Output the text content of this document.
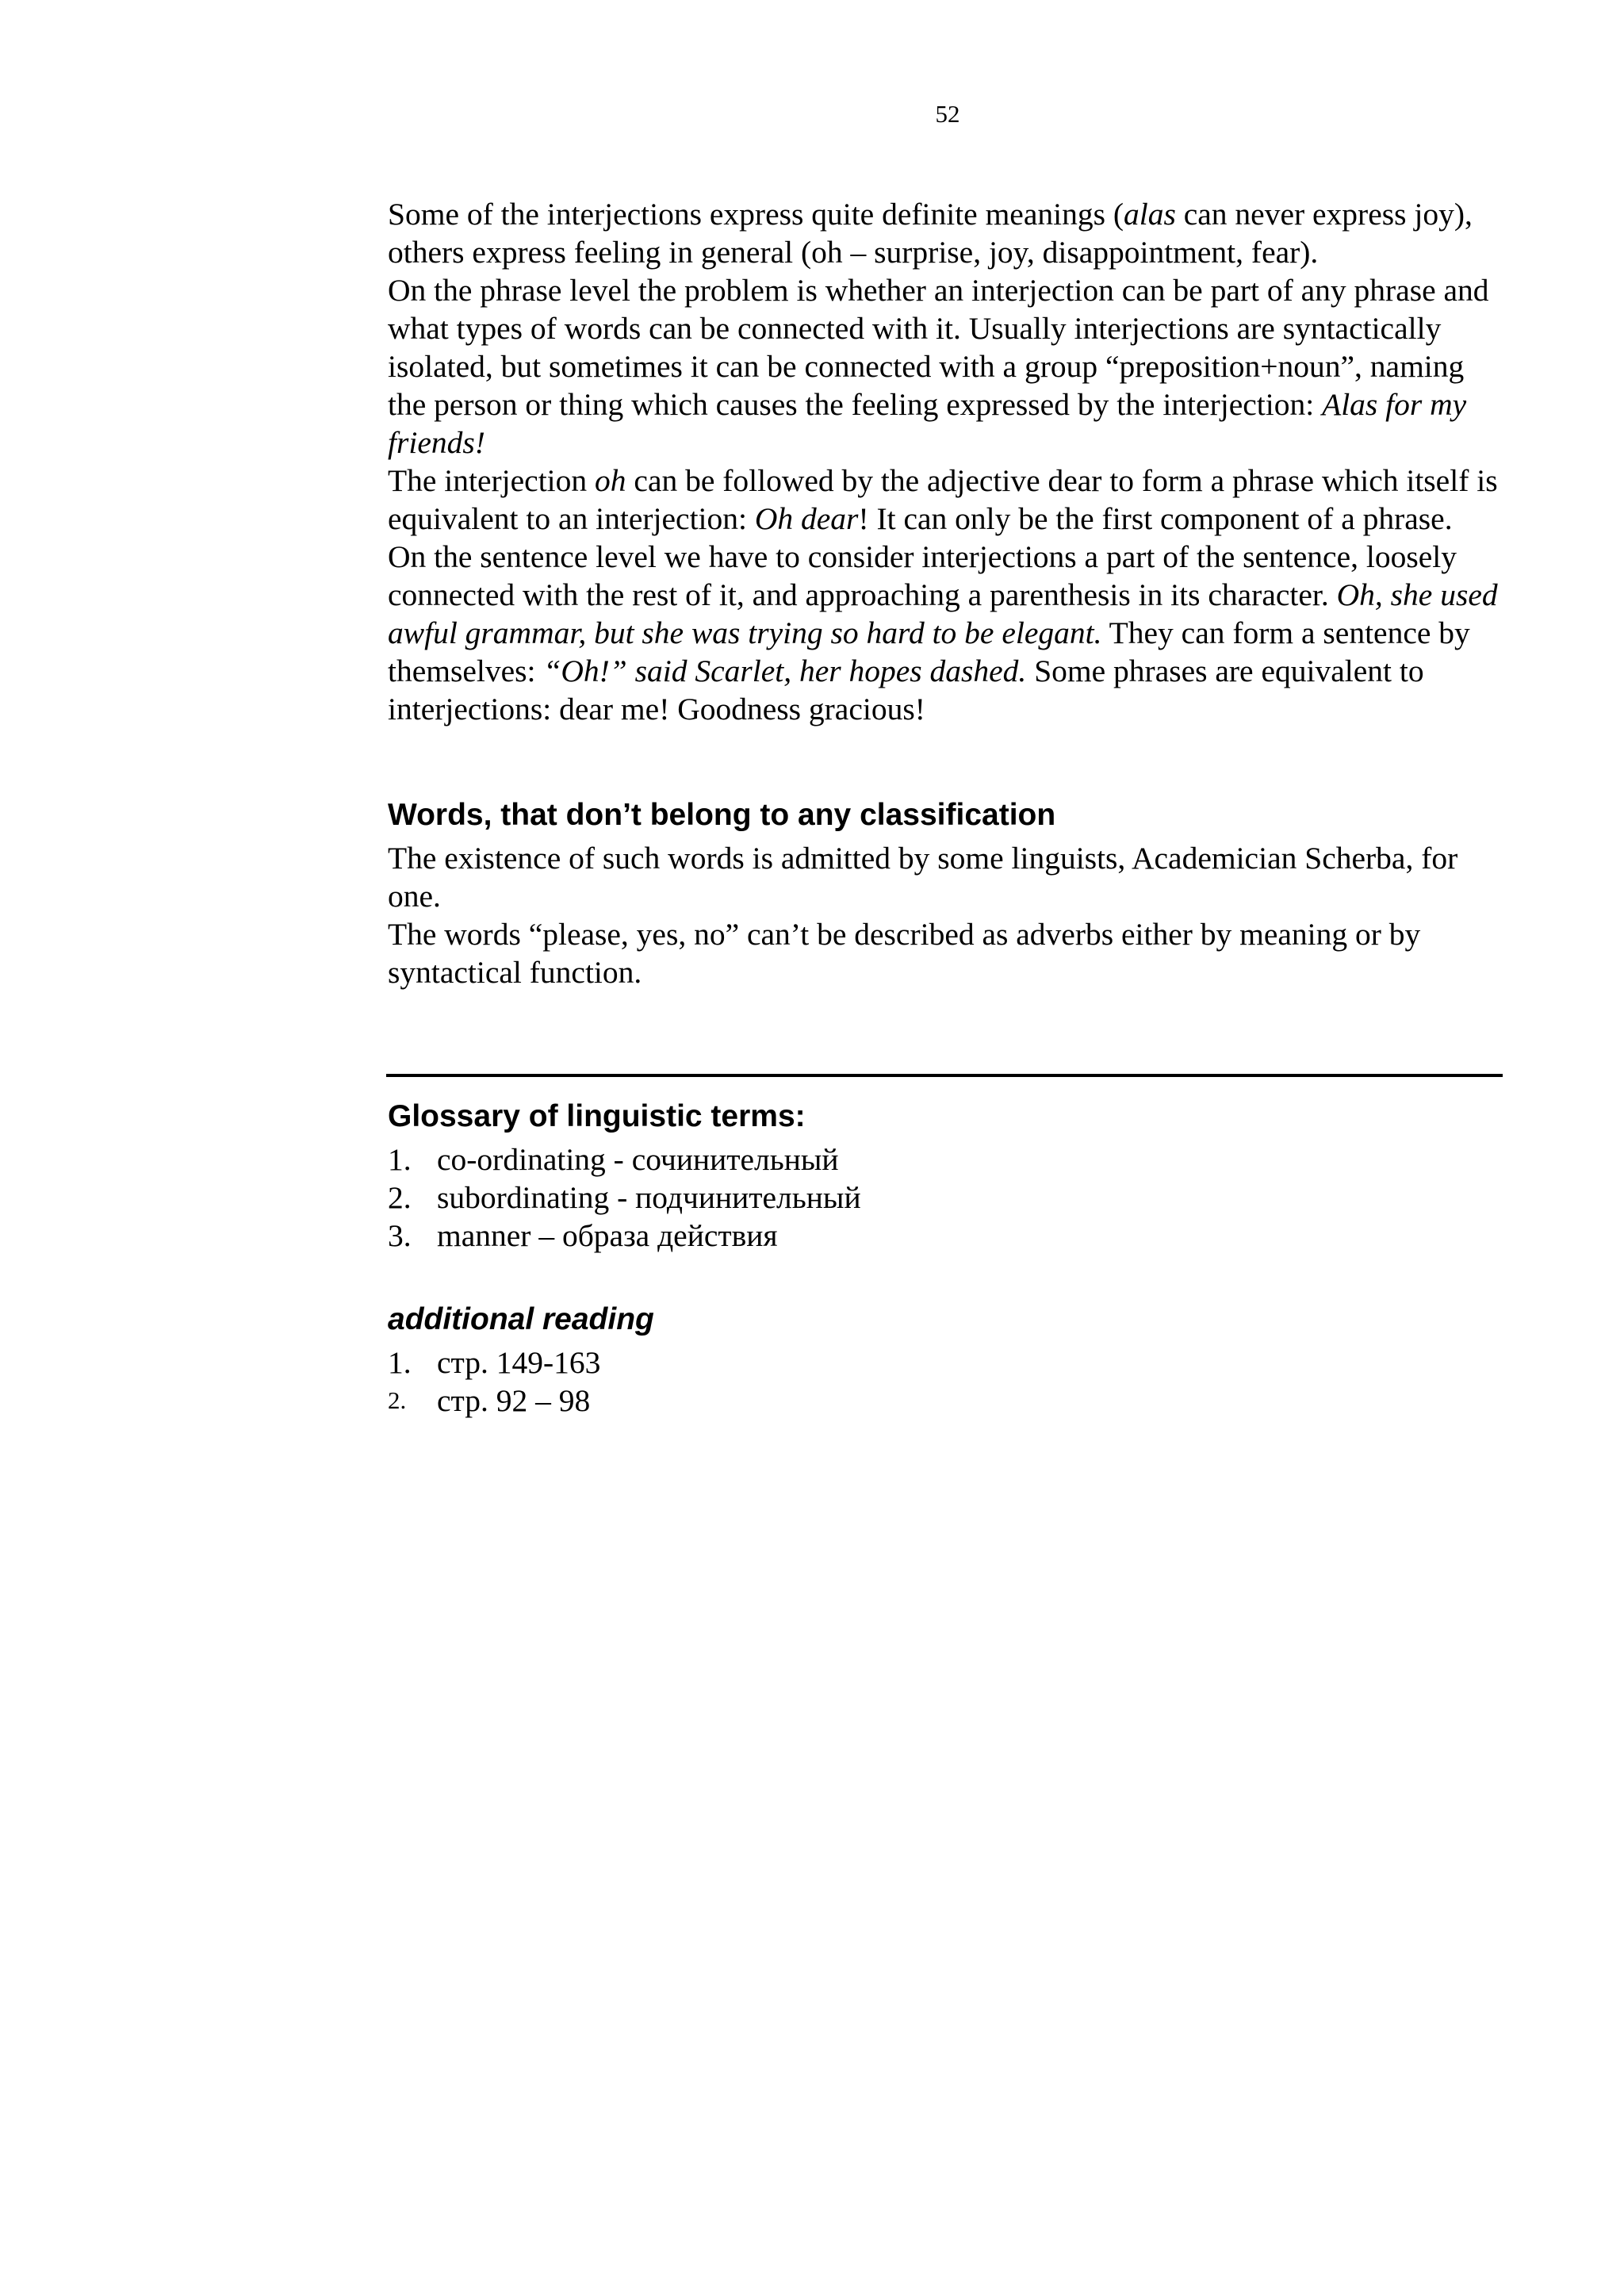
52

Some of the interjections express quite definite meanings (alas can never express joy), others express feeling in general (oh – surprise, joy, disappointment, fear).

On the phrase level the problem is whether an interjection can be part of any phrase and what types of words can be connected with it. Usually interjections are syntactically isolated, but sometimes it can be connected with a group “preposition+noun”, naming the person or thing which causes the feeling expressed by the interjection: Alas for my friends!

The interjection oh can be followed by the adjective dear to form a phrase which itself is equivalent to an interjection: Oh dear! It can only be the first component of a phrase.

On the sentence level we have to consider interjections a part of the sentence, loosely connected with the rest of it, and approaching a parenthesis in its character. Oh, she used awful grammar, but she was trying so hard to be elegant. They can form a sentence by themselves: “Oh!” said Scarlet, her hopes dashed. Some phrases are equivalent to interjections: dear me! Goodness gracious!

Words, that don’t belong to any classification

The existence of such words is admitted by some linguists, Academician Scherba, for one.

The words “please, yes, no” can’t be described as adverbs either by meaning or by syntactical function.

Glossary of linguistic terms:
1. co-ordinating - сочинительный
2. subordinating - подчинительный
3. manner – образа действия
additional reading
1. стр. 149-163
2. стр. 92 – 98
